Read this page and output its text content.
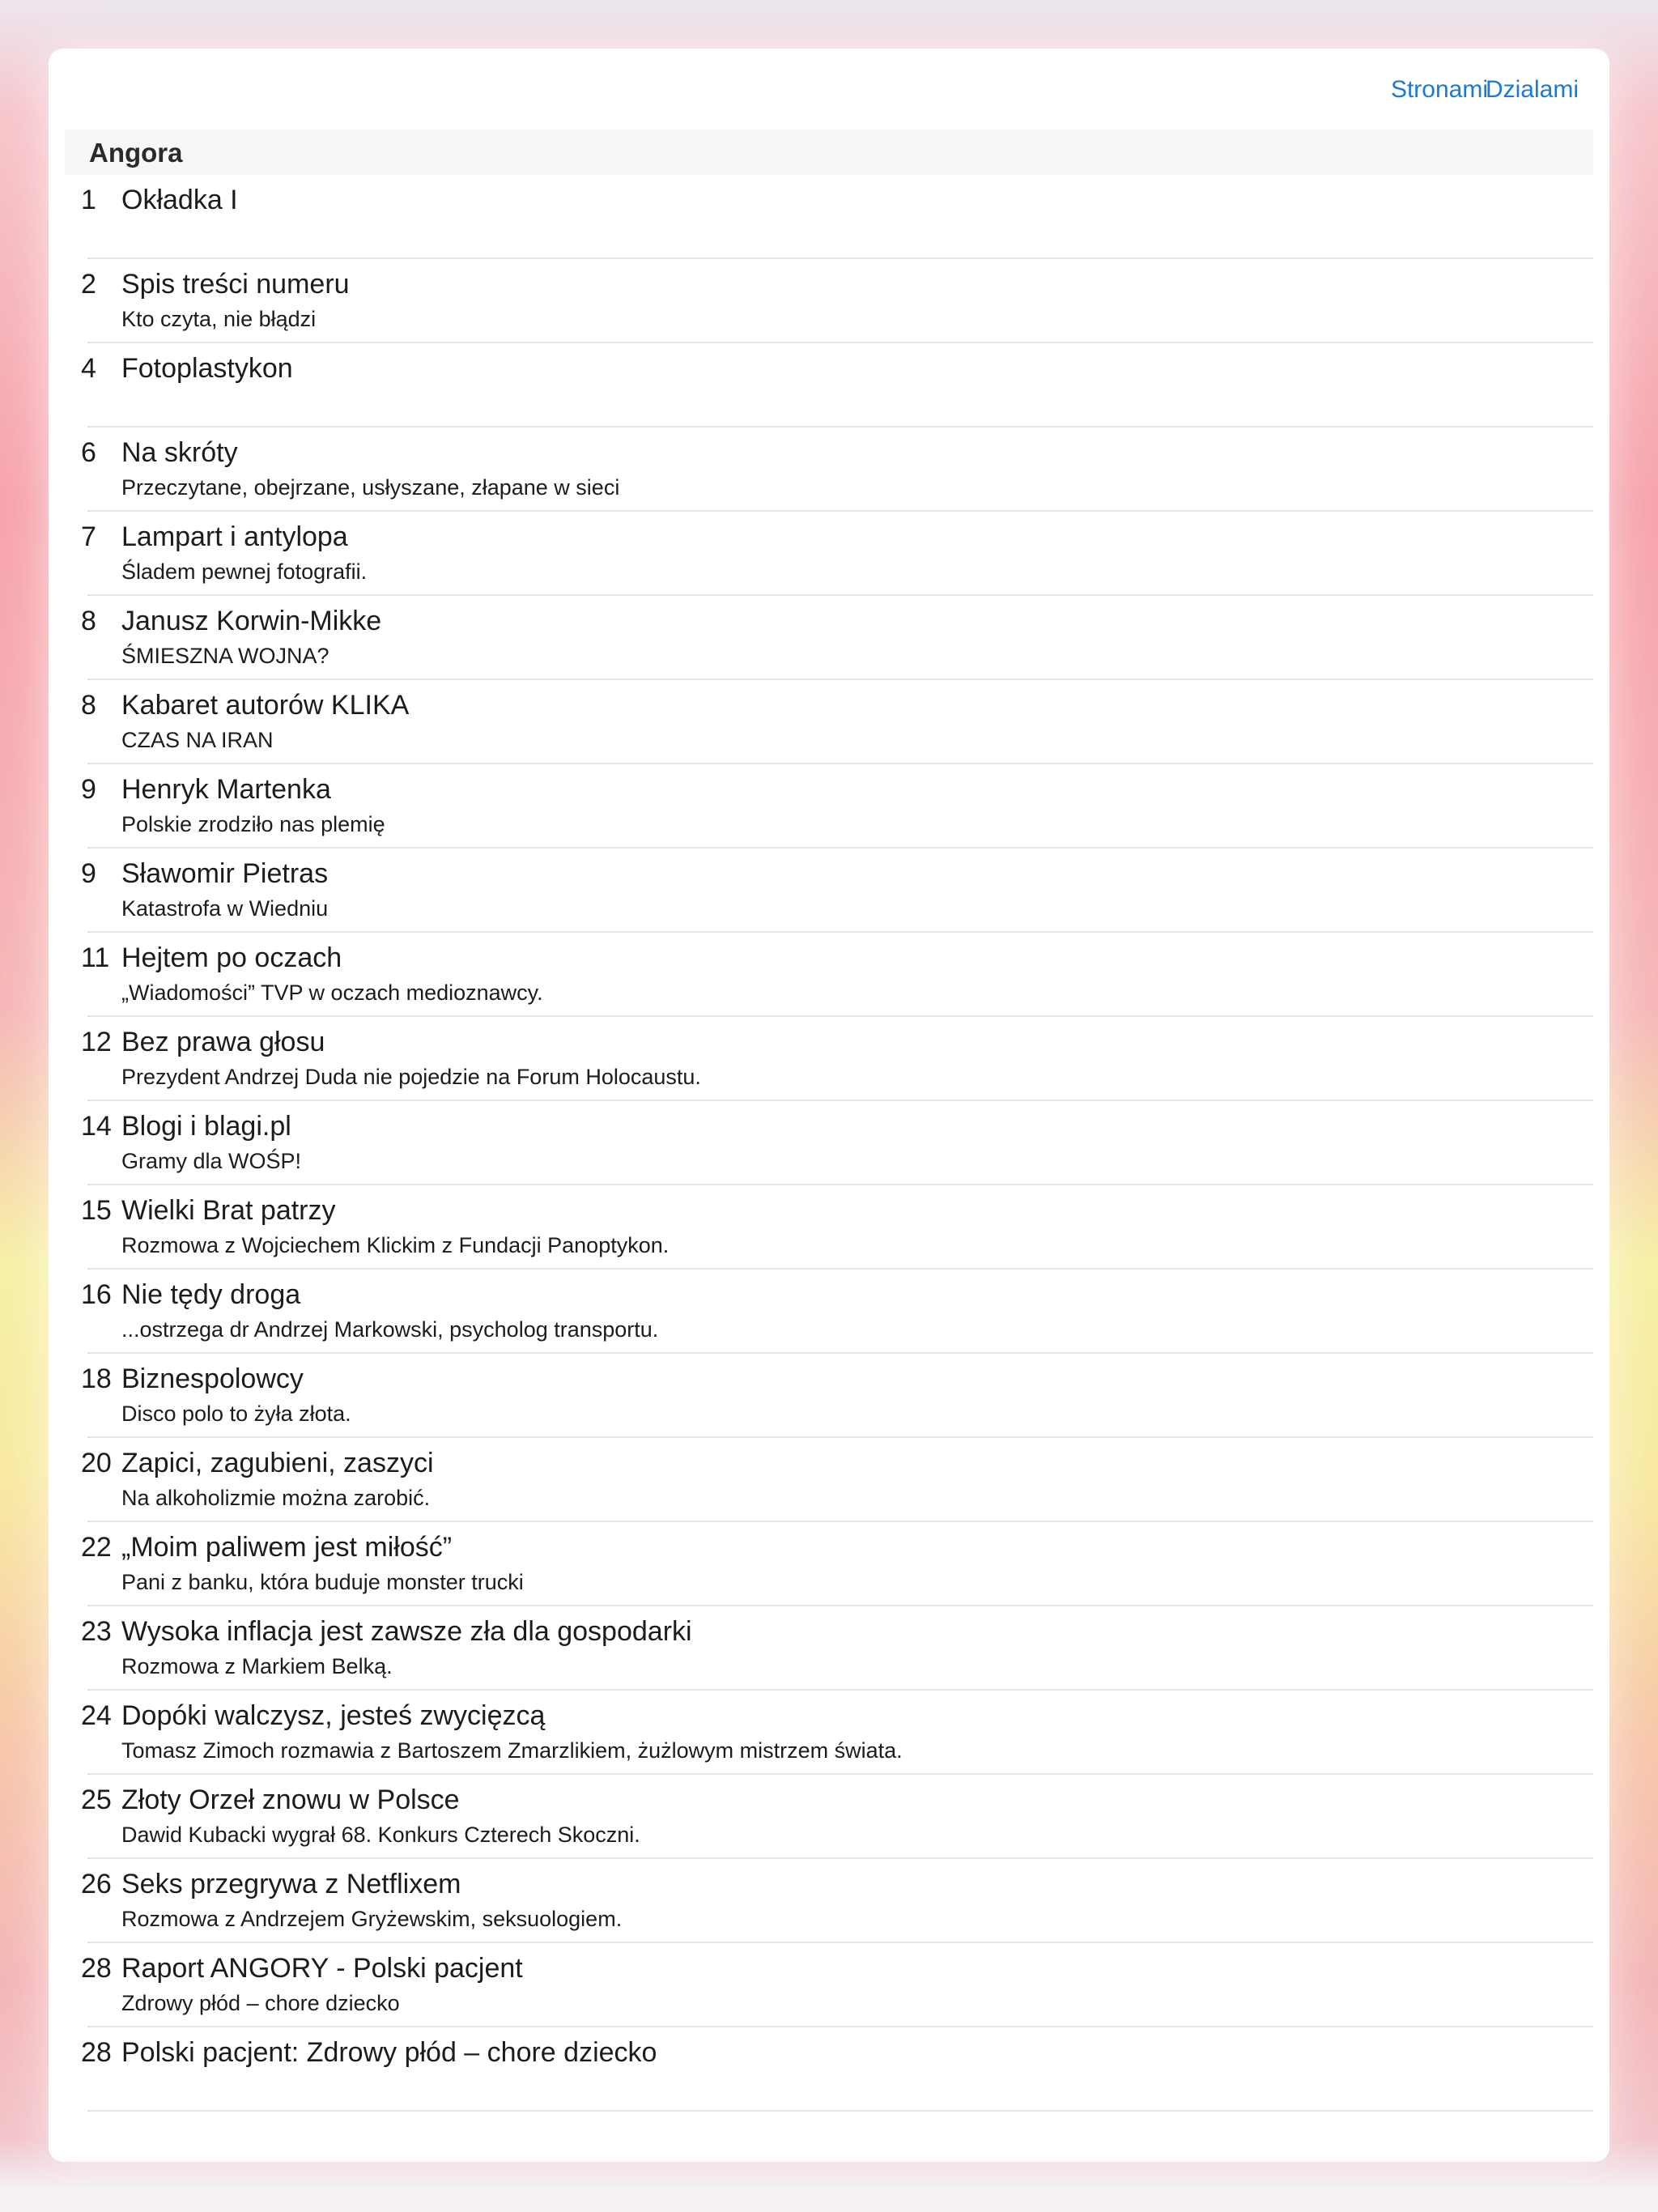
Stronami
Dzialami
Angora
1 Okładka I
2 Spis treści numeru
Kto czyta, nie błądzi
4 Fotoplastykon
6 Na skróty
Przeczytane, obejrzane, usłyszane, złapane w sieci
7 Lampart i antylopa
Śladem pewnej fotografii.
8 Janusz Korwin-Mikke
ŚMIESZNA WOJNA?
8 Kabaret autorów KLIKA
CZAS NA IRAN
9 Henryk Martenka
Polskie zrodziło nas plemię
9 Sławomir Pietras
Katastrofa w Wiedniu
11 Hejtem po oczach
„Wiadomości” TVP w oczach medioznawcy.
12 Bez prawa głosu
Prezydent Andrzej Duda nie pojedzie na Forum Holocaustu.
14 Blogi i blagi.pl
Gramy dla WOŚP!
15 Wielki Brat patrzy
Rozmowa z Wojciechem Klickim z Fundacji Panoptykon.
16 Nie tędy droga
...ostrzega dr Andrzej Markowski, psycholog transportu.
18 Biznespolowcy
Disco polo to żyła złota.
20 Zapici, zagubieni, zaszyci
Na alkoholizmie można zarobić.
22 „Moim paliwem jest miłość”
Pani z banku, która buduje monster trucki
23 Wysoka inflacja jest zawsze zła dla gospodarki
Rozmowa z Markiem Belką.
24 Dopóki walczysz, jesteś zwycięzcą
Tomasz Zimoch rozmawia z Bartoszem Zmarzlikiem, żużlowym mistrzem świata.
25 Złoty Orzeł znowu w Polsce
Dawid Kubacki wygrał 68. Konkurs Czterech Skoczni.
26 Seks przegrywa z Netflixem
Rozmowa z Andrzejem Gryżewskim, seksuologiem.
28 Raport ANGORY - Polski pacjent
Zdrowy płód – chore dziecko
28 Polski pacjent: Zdrowy płód – chore dziecko
